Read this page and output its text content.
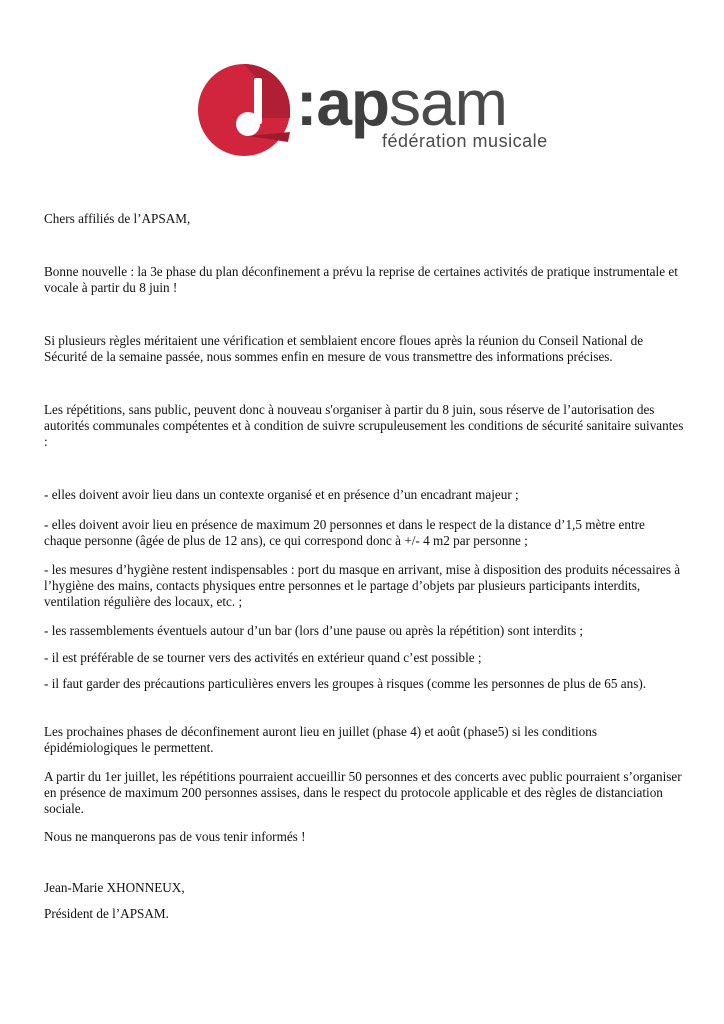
:apsam
fédération musicale

Chers affiliés de l’APSAM,

Bonne nouvelle : la 3e phase du plan déconfinement a prévu la reprise de certaines activités de pratique instrumentale et vocale à partir du 8 juin !

Si plusieurs règles méritaient une vérification et semblaient encore floues après la réunion du Conseil National de Sécurité de la semaine passée, nous sommes enfin en mesure de vous transmettre des informations précises.

Les répétitions, sans public, peuvent donc à nouveau s'organiser à partir du 8 juin, sous réserve de l’autorisation des autorités communales compétentes et à condition de suivre scrupuleusement les conditions de sécurité sanitaire suivantes :

- elles doivent avoir lieu dans un contexte organisé et en présence d’un encadrant majeur ;

- elles doivent avoir lieu en présence de maximum 20 personnes et dans le respect de la distance d’1,5 mètre entre chaque personne (âgée de plus de 12 ans), ce qui correspond donc à +/- 4 m2 par personne ;

- les mesures d’hygiène restent indispensables : port du masque en arrivant, mise à disposition des produits nécessaires à l’hygiène des mains, contacts physiques entre personnes et le partage d’objets par plusieurs participants interdits, ventilation régulière des locaux, etc. ;

- les rassemblements éventuels autour d’un bar (lors d’une pause ou après la répétition) sont interdits ;

- il est préférable de se tourner vers des activités en extérieur quand c’est possible ;

- il faut garder des précautions particulières envers les groupes à risques (comme les personnes de plus de 65 ans).

Les prochaines phases de déconfinement auront lieu en juillet (phase 4) et août (phase5) si les conditions épidémiologiques le permettent.

A partir du 1er juillet, les répétitions pourraient accueillir 50 personnes et des concerts avec public pourraient s’organiser en présence de maximum 200 personnes assises, dans le respect du protocole applicable et des règles de distanciation sociale.

Nous ne manquerons pas de vous tenir informés !

Jean-Marie XHONNEUX,

Président de l’APSAM.
